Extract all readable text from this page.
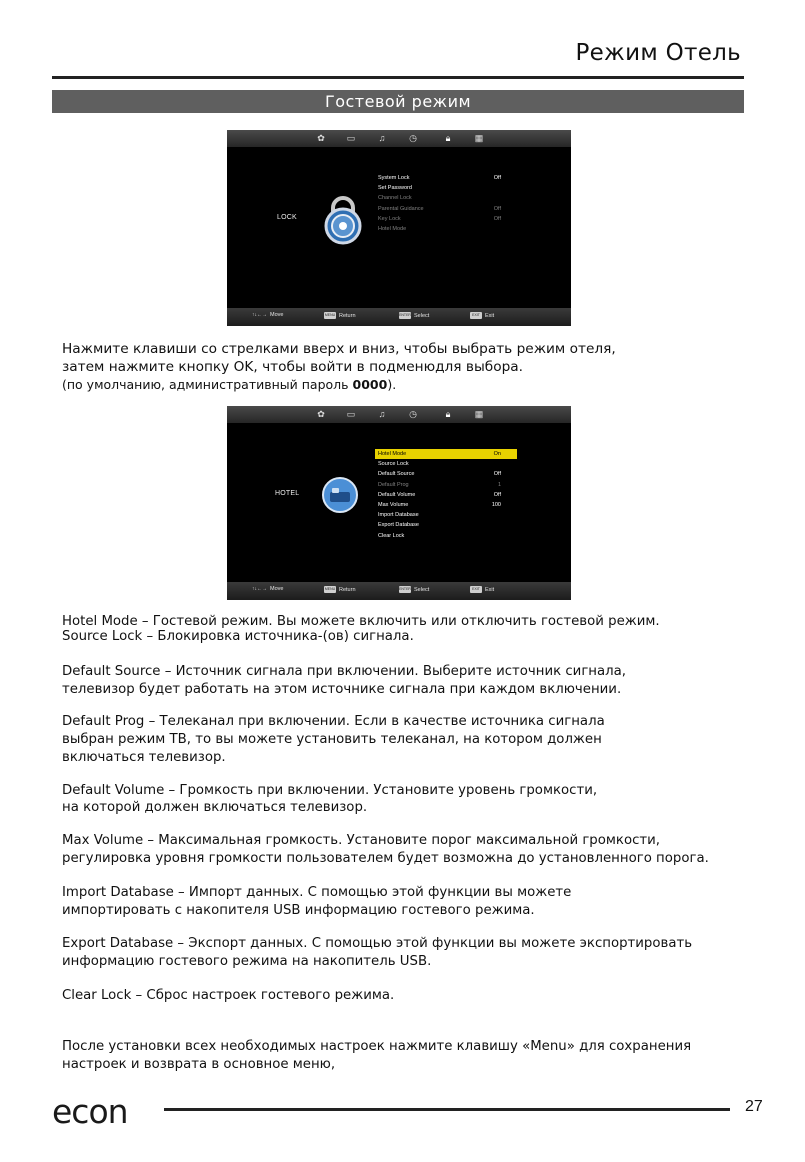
Режим Отель
Гостевой режим
✿ ▭	♫	◷	🔒︎	▦
LOCK
System Lock	Off
Set Password
Channel Lock
Parental Guidance	Off
Key Lock	Off
Hotel Mode
↑↓←→ Move	MENU Return	ENTER Select	EXIT Exit
Нажмите клавиши со стрелками вверх и вниз, чтобы выбрать режим отеля,
затем нажмите кнопку OK, чтобы войти в подменюдля выбора.
(по умолчанию, административный пароль 0000).
✿ ▭	♫	◷	🔒︎	▦
HOTEL
Hotel Mode	On
Source Lock
Default Source	Off
Default Prog	1
Default Volume	Off
Max Volume	100
Import Database
Export Database
Clear Lock
↑↓←→ Move	MENU Return	ENTER Select	EXIT Exit
Hotel Mode – Гостевой режим. Вы можете включить или отключить гостевой режим.
Source Lock – Блокировка источника-(ов) сигнала.
Default Source – Источник сигнала при включении. Выберите источник сигнала,
телевизор будет работать на этом источнике сигнала при каждом включении.
Default Prog – Телеканал при включении. Если в качестве источника сигнала
выбран режим ТВ, то вы можете установить телеканал, на котором должен
включаться телевизор.
Default Volume – Громкость при включении. Установите уровень громкости,
на которой должен включаться телевизор.
Max Volume – Максимальная громкость. Установите порог максимальной громкости,
регулировка уровня громкости пользователем будет возможна до установленного порога.
Import Database – Импорт данных. С помощью этой функции вы можете
импортировать с накопителя USB информацию гостевого режима.
Export Database – Экспорт данных. С помощью этой функции вы можете экспортировать
информацию гостевого режима на накопитель USB.
Clear Lock – Сброс настроек гостевого режима.
После установки всех необходимых настроек нажмите клавишу «Menu» для сохранения
настроек и возврата в основное меню,
econ	27
